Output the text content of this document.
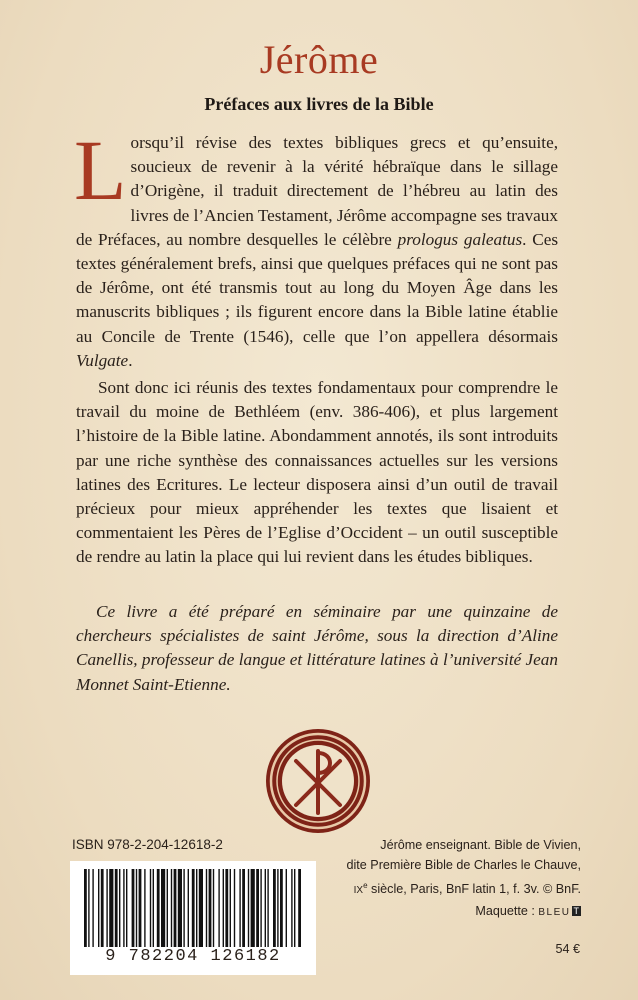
Jérôme
Préfaces aux livres de la Bible
Lorsqu’il révise des textes bibliques grecs et qu’ensuite, soucieux de revenir à la vérité hébraïque dans le sillage d’Origène, il traduit directement de l’hébreu au latin des livres de l’Ancien Testament, Jérôme accompagne ses travaux de Préfaces, au nombre desquelles le célèbre prologus galeatus. Ces textes généralement brefs, ainsi que quelques préfaces qui ne sont pas de Jérôme, ont été transmis tout au long du Moyen Âge dans les manuscrits bibliques ; ils figurent encore dans la Bible latine établie au Concile de Trente (1546), celle que l’on appellera désormais Vulgate.
Sont donc ici réunis des textes fondamentaux pour comprendre le travail du moine de Bethléem (env. 386-406), et plus largement l’histoire de la Bible latine. Abondamment annotés, ils sont introduits par une riche synthèse des connaissances actuelles sur les versions latines des Ecritures. Le lecteur disposera ainsi d’un outil de travail précieux pour mieux appréhender les textes que lisaient et commentaient les Pères de l’Eglise d’Occident – un outil susceptible de rendre au latin la place qui lui revient dans les études bibliques.
Ce livre a été préparé en séminaire par une quinzaine de chercheurs spécialistes de saint Jérôme, sous la direction d’Aline Canellis, professeur de langue et littérature latines à l’université Jean Monnet Saint-Etienne.
ISBN 978-2-204-12618-2
9 782204 126182
Jérôme enseignant. Bible de Vivien,
dite Première Bible de Charles le Chauve,
IXe siècle, Paris, BnF latin 1, f. 3v. © BnF.
Maquette : BLEU T
54 €
